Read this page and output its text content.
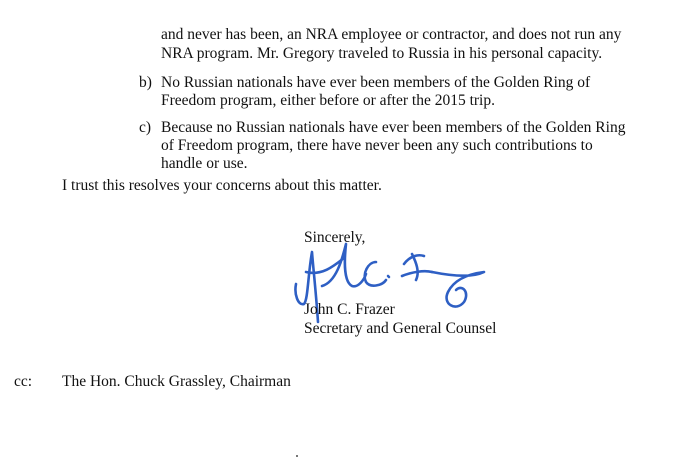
and never has been, an NRA employee or contractor, and does not run any
NRA program. Mr. Gregory traveled to Russia in his personal capacity.
b) No Russian nationals have ever been members of the Golden Ring of
Freedom program, either before or after the 2015 trip.
c) Because no Russian nationals have ever been members of the Golden Ring
of Freedom program, there have never been any such contributions to
handle or use.
I trust this resolves your concerns about this matter.
Sincerely,
John C. Frazer
Secretary and General Counsel
cc: The Hon. Chuck Grassley, Chairman
